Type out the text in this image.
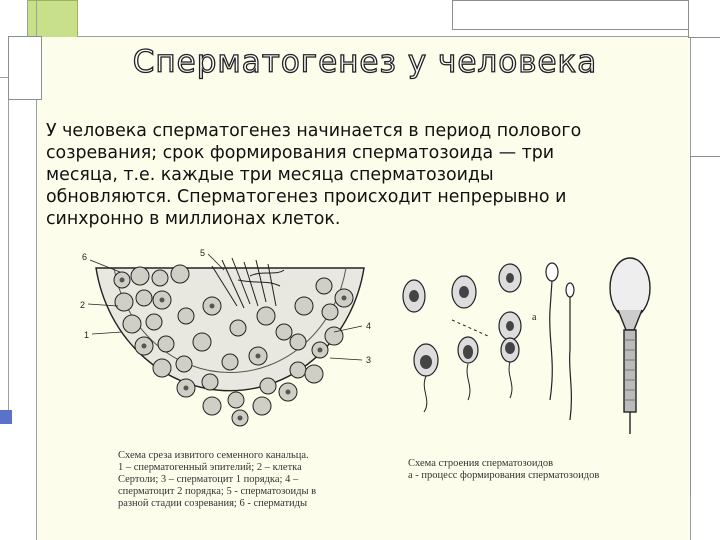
Сперматогенез у человека
У человека сперматогенез начинается в период полового
созревания; срок формирования сперматозоида — три
месяца, т.е. каждые три месяца сперматозоиды
обновляются. Сперматогенез происходит непрерывно и
синхронно в миллионах клеток.
6	5
2
1
4
3
а
Схема среза извитого семенного канальца.
1 – сперматогенный эпителий; 2 – клетка
Сертоли; 3 – сперматоцит 1 порядка; 4 –
сперматоцит 2 порядка; 5 - сперматозоиды в
разной стадии созревания; 6 - сперматиды
Схема строения сперматозоидов
а - процесс формирования сперматозоидов
